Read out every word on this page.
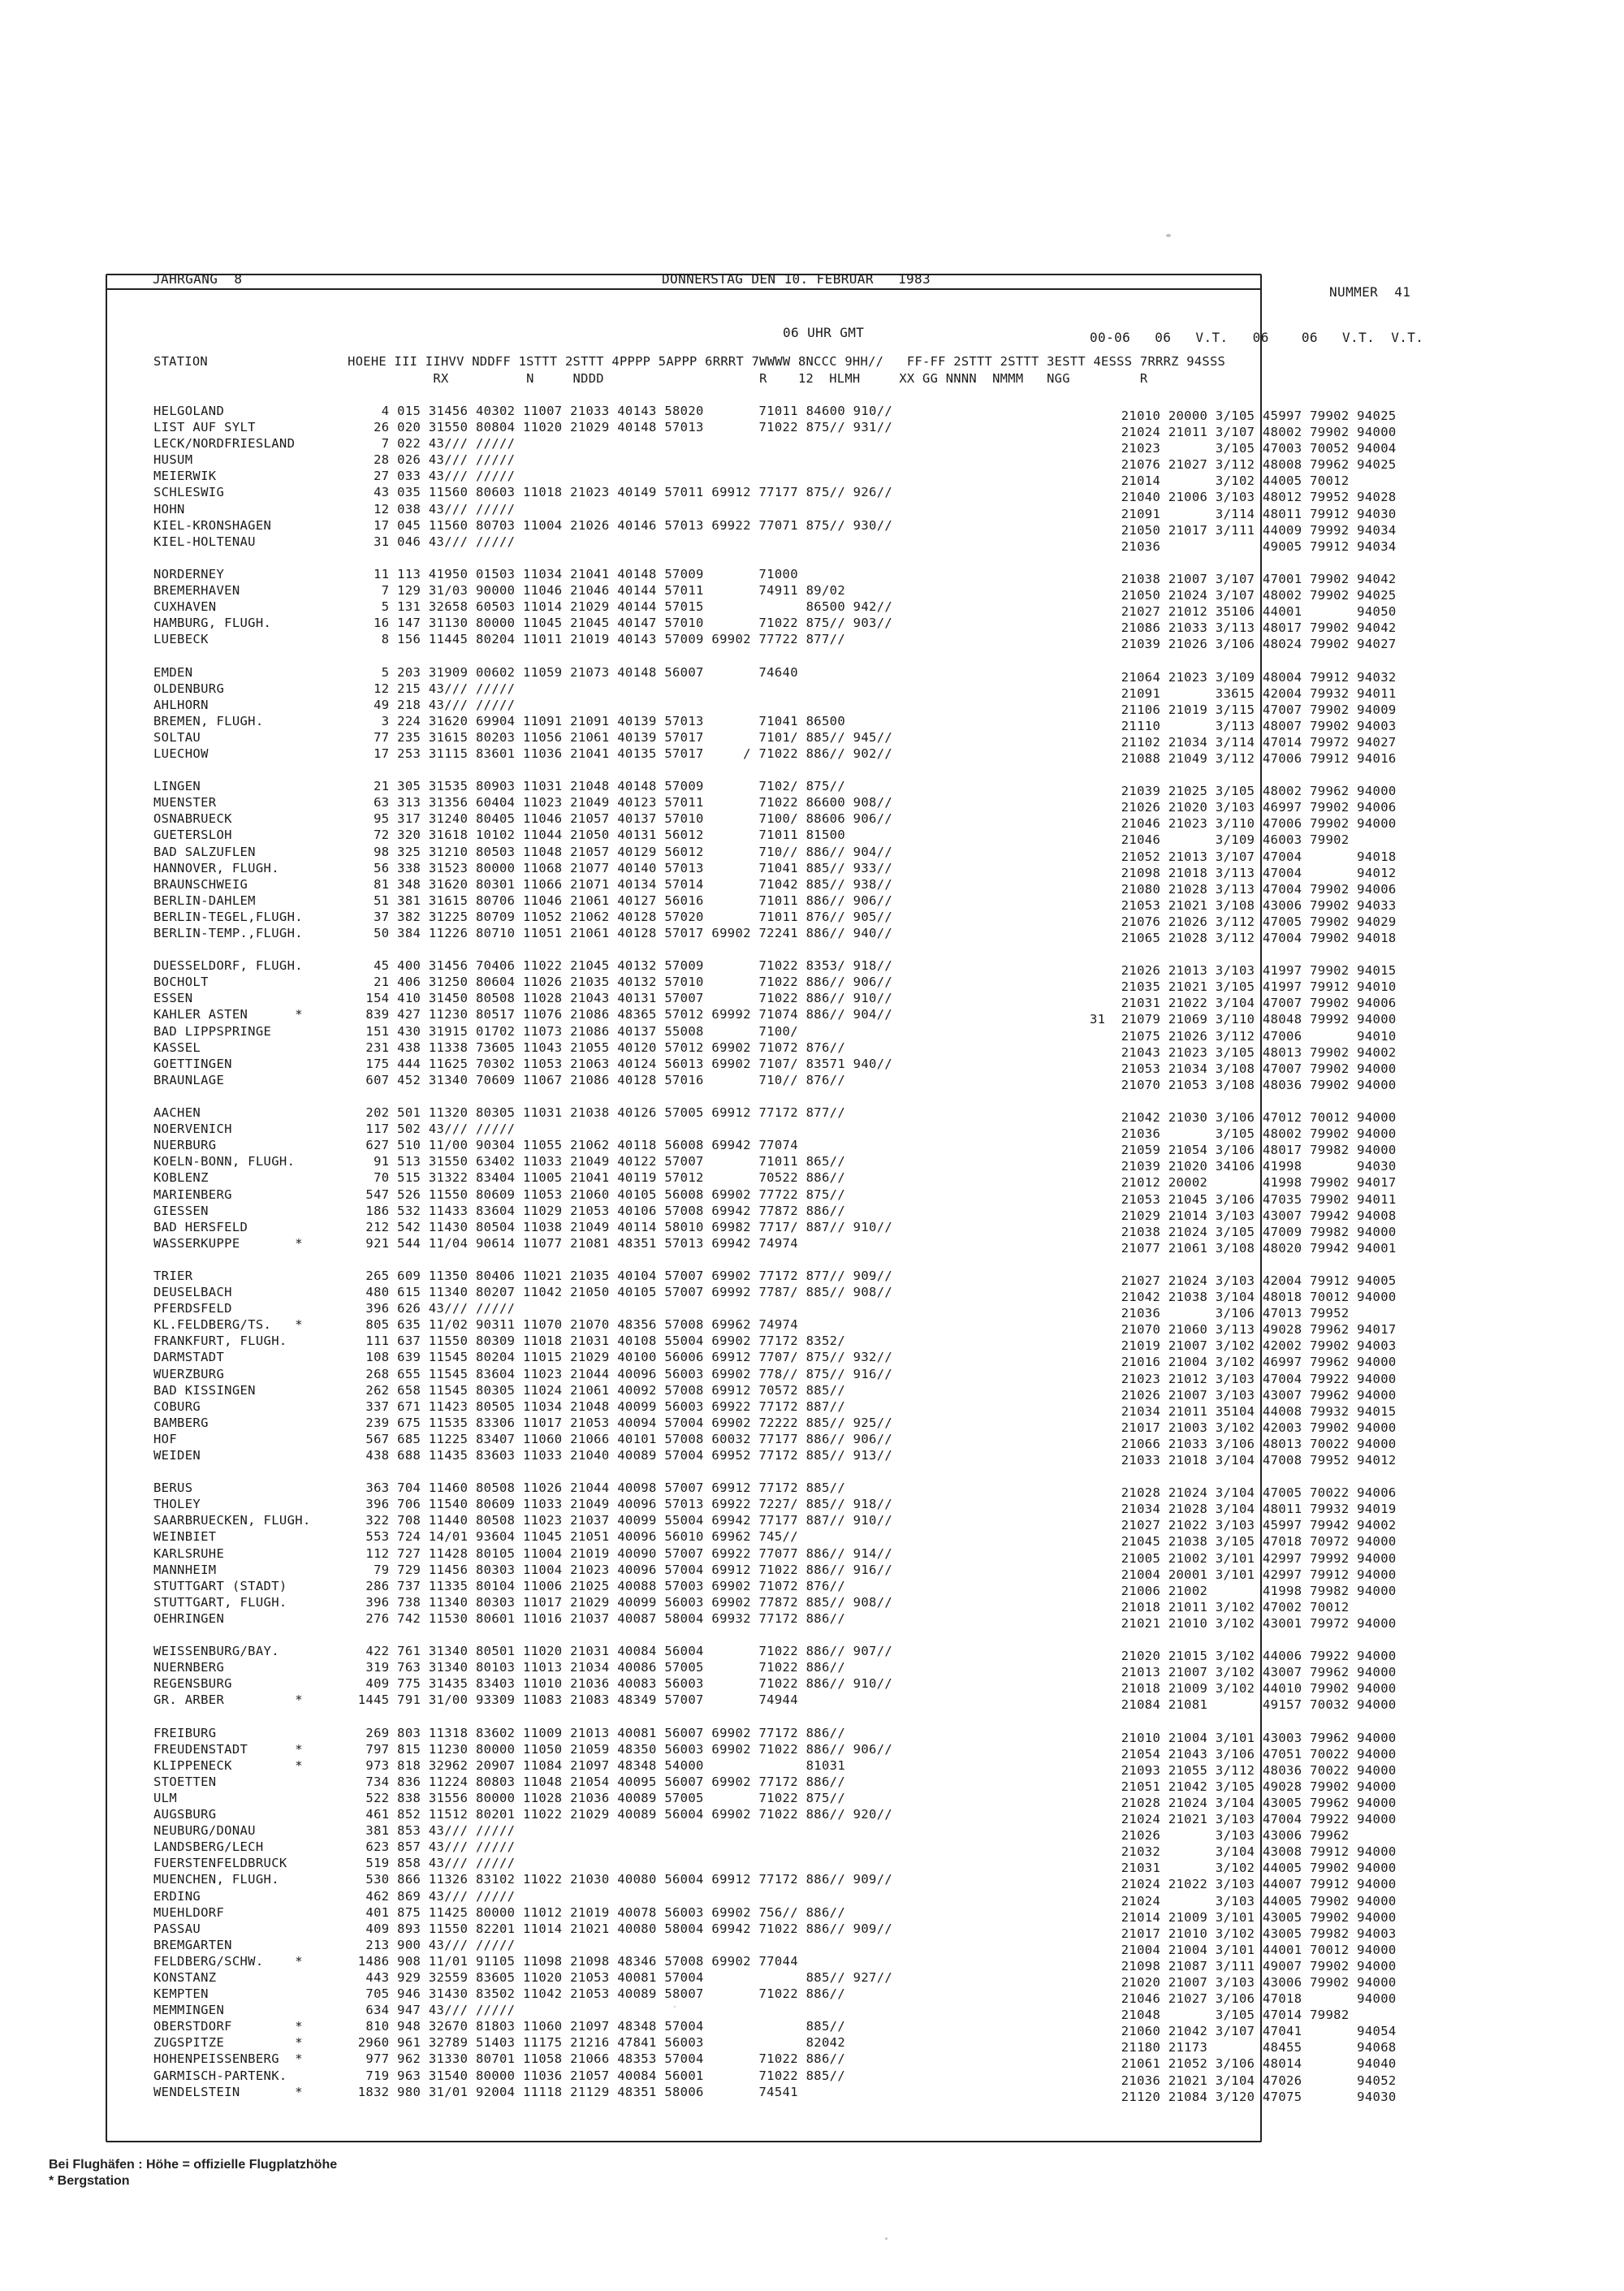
JAHRGANG  8	DONNERSTAG DEN 10. FEBRUAR   1983
NUMMER  41
06 UHR GMT	00-06   06   V.T.   06    06   V.T.  V.T.
STATION                  HOEHE III IIHVV NDDFF 1STTT 2STTT 4PPPP 5APPP 6RRRT 7WWWW 8NCCC 9HH//   FF-FF 2STTT 2STTT 3ESTT 4ESSS 7RRRZ 94SSS
RX          N     NDDD                    R    12  HLMH     XX GG NNNN  NMMM   NGG         R
HELGOLAND                    4 015 31456 40302 11007 21033 40143 58020       71011 84600 910//
LIST AUF SYLT               26 020 31550 80804 11020 21029 40148 57013       71022 875// 931//
LECK/NORDFRIESLAND           7 022 43/// /////
HUSUM                       28 026 43/// /////
MEIERWIK                    27 033 43/// /////
SCHLESWIG                   43 035 11560 80603 11018 21023 40149 57011 69912 77177 875// 926//
HOHN                        12 038 43/// /////
KIEL-KRONSHAGEN             17 045 11560 80703 11004 21026 40146 57013 69922 77071 875// 930//
KIEL-HOLTENAU               31 046 43/// /////
NORDERNEY                   11 113 41950 01503 11034 21041 40148 57009       71000
BREMERHAVEN                  7 129 31/03 90000 11046 21046 40144 57011       74911 89/02
CUXHAVEN                     5 131 32658 60503 11014 21029 40144 57015             86500 942//
HAMBURG, FLUGH.             16 147 31130 80000 11045 21045 40147 57010       71022 875// 903//
LUEBECK                      8 156 11445 80204 11011 21019 40143 57009 69902 77722 877//
EMDEN                        5 203 31909 00602 11059 21073 40148 56007       74640
OLDENBURG                   12 215 43/// /////
AHLHORN                     49 218 43/// /////
BREMEN, FLUGH.               3 224 31620 69904 11091 21091 40139 57013       71041 86500
SOLTAU                      77 235 31615 80203 11056 21061 40139 57017       7101/ 885// 945//
LUECHOW                     17 253 31115 83601 11036 21041 40135 57017     / 71022 886// 902//
LINGEN                      21 305 31535 80903 11031 21048 40148 57009       7102/ 875//
MUENSTER                    63 313 31356 60404 11023 21049 40123 57011       71022 86600 908//
OSNABRUECK                  95 317 31240 80405 11046 21057 40137 57010       7100/ 88606 906//
GUETERSLOH                  72 320 31618 10102 11044 21050 40131 56012       71011 81500
BAD SALZUFLEN               98 325 31210 80503 11048 21057 40129 56012       710// 886// 904//
HANNOVER, FLUGH.            56 338 31523 80000 11068 21077 40140 57013       71041 885// 933//
BRAUNSCHWEIG                81 348 31620 80301 11066 21071 40134 57014       71042 885// 938//
BERLIN-DAHLEM               51 381 31615 80706 11046 21061 40127 56016       71011 886// 906//
BERLIN-TEGEL,FLUGH.         37 382 31225 80709 11052 21062 40128 57020       71011 876// 905//
BERLIN-TEMP.,FLUGH.         50 384 11226 80710 11051 21061 40128 57017 69902 72241 886// 940//
DUESSELDORF, FLUGH.         45 400 31456 70406 11022 21045 40132 57009       71022 8353/ 918//
BOCHOLT                     21 406 31250 80604 11026 21035 40132 57010       71022 886// 906//
ESSEN                      154 410 31450 80508 11028 21043 40131 57007       71022 886// 910//
KAHLER ASTEN      *        839 427 11230 80517 11076 21086 48365 57012 69992 71074 886// 904//
BAD LIPPSPRINGE            151 430 31915 01702 11073 21086 40137 55008       7100/
KASSEL                     231 438 11338 73605 11043 21055 40120 57012 69902 71072 876//
GOETTINGEN                 175 444 11625 70302 11053 21063 40124 56013 69902 7107/ 83571 940//
BRAUNLAGE                  607 452 31340 70609 11067 21086 40128 57016       710// 876//
AACHEN                     202 501 11320 80305 11031 21038 40126 57005 69912 77172 877//
NOERVENICH                 117 502 43/// /////
NUERBURG                   627 510 11/00 90304 11055 21062 40118 56008 69942 77074
KOELN-BONN, FLUGH.          91 513 31550 63402 11033 21049 40122 57007       71011 865//
KOBLENZ                     70 515 31322 83404 11005 21041 40119 57012       70522 886//
MARIENBERG                 547 526 11550 80609 11053 21060 40105 56008 69902 77722 875//
GIESSEN                    186 532 11433 83604 11029 21053 40106 57008 69942 77872 886//
BAD HERSFELD               212 542 11430 80504 11038 21049 40114 58010 69982 7717/ 887// 910//
WASSERKUPPE       *        921 544 11/04 90614 11077 21081 48351 57013 69942 74974
TRIER                      265 609 11350 80406 11021 21035 40104 57007 69902 77172 877// 909//
DEUSELBACH                 480 615 11340 80207 11042 21050 40105 57007 69992 7787/ 885// 908//
PFERDSFELD                 396 626 43/// /////
KL.FELDBERG/TS.   *        805 635 11/02 90311 11070 21070 48356 57008 69962 74974
FRANKFURT, FLUGH.          111 637 11550 80309 11018 21031 40108 55004 69902 77172 8352/
DARMSTADT                  108 639 11545 80204 11015 21029 40100 56006 69912 7707/ 875// 932//
WUERZBURG                  268 655 11545 83604 11023 21044 40096 56003 69902 778// 875// 916//
BAD KISSINGEN              262 658 11545 80305 11024 21061 40092 57008 69912 70572 885//
COBURG                     337 671 11423 80505 11034 21048 40099 56003 69922 77172 887//
BAMBERG                    239 675 11535 83306 11017 21053 40094 57004 69902 72222 885// 925//
HOF                        567 685 11225 83407 11060 21066 40101 57008 60032 77177 886// 906//
WEIDEN                     438 688 11435 83603 11033 21040 40089 57004 69952 77172 885// 913//
BERUS                      363 704 11460 80508 11026 21044 40098 57007 69912 77172 885//
THOLEY                     396 706 11540 80609 11033 21049 40096 57013 69922 7227/ 885// 918//
SAARBRUECKEN, FLUGH.       322 708 11440 80508 11023 21037 40099 55004 69942 77177 887// 910//
WEINBIET                   553 724 14/01 93604 11045 21051 40096 56010 69962 745//
KARLSRUHE                  112 727 11428 80105 11004 21019 40090 57007 69922 77077 886// 914//
MANNHEIM                    79 729 11456 80303 11004 21023 40096 57004 69912 71022 886// 916//
STUTTGART (STADT)          286 737 11335 80104 11006 21025 40088 57003 69902 71072 876//
STUTTGART, FLUGH.          396 738 11340 80303 11017 21029 40099 56003 69902 77872 885// 908//
OEHRINGEN                  276 742 11530 80601 11016 21037 40087 58004 69932 77172 886//
WEISSENBURG/BAY.           422 761 31340 80501 11020 21031 40084 56004       71022 886// 907//
NUERNBERG                  319 763 31340 80103 11013 21034 40086 57005       71022 886//
REGENSBURG                 409 775 31435 83403 11010 21036 40083 56003       71022 886// 910//
GR. ARBER         *       1445 791 31/00 93309 11083 21083 48349 57007       74944
FREIBURG                   269 803 11318 83602 11009 21013 40081 56007 69902 77172 886//
FREUDENSTADT      *        797 815 11230 80000 11050 21059 48350 56003 69902 71022 886// 906//
KLIPPENECK        *        973 818 32962 20907 11084 21097 48348 54000             81031
STOETTEN                   734 836 11224 80803 11048 21054 40095 56007 69902 77172 886//
ULM                        522 838 31556 80000 11028 21036 40089 57005       71022 875//
AUGSBURG                   461 852 11512 80201 11022 21029 40089 56004 69902 71022 886// 920//
NEUBURG/DONAU              381 853 43/// /////
LANDSBERG/LECH             623 857 43/// /////
FUERSTENFELDBRUCK          519 858 43/// /////
MUENCHEN, FLUGH.           530 866 11326 83102 11022 21030 40080 56004 69912 77172 886// 909//
ERDING                     462 869 43/// /////
MUEHLDORF                  401 875 11425 80000 11012 21019 40078 56003 69902 756// 886//
PASSAU                     409 893 11550 82201 11014 21021 40080 58004 69942 71022 886// 909//
BREMGARTEN                 213 900 43/// /////
FELDBERG/SCHW.    *       1486 908 11/01 91105 11098 21098 48346 57008 69902 77044
KONSTANZ                   443 929 32559 83605 11020 21053 40081 57004             885// 927//
KEMPTEN                    705 946 31430 83502 11042 21053 40089 58007       71022 886//
MEMMINGEN                  634 947 43/// /////
OBERSTDORF        *        810 948 32670 81803 11060 21097 48348 57004             885//
ZUGSPITZE         *       2960 961 32789 51403 11175 21216 47841 56003             82042
HOHENPEISSENBERG  *        977 962 31330 80701 11058 21066 48353 57004       71022 886//
GARMISCH-PARTENK.          719 963 31540 80000 11036 21057 40084 56001       71022 885//
WENDELSTEIN       *       1832 980 31/01 92004 11118 21129 48351 58006       74541
21010 20000 3/105 45997 79902 94025
21024 21011 3/107 48002 79902 94000
21023       3/105 47003 70052 94004
21076 21027 3/112 48008 79962 94025
21014       3/102 44005 70012
21040 21006 3/103 48012 79952 94028
21091       3/114 48011 79912 94030
21050 21017 3/111 44009 79992 94034
21036             49005 79912 94034
21038 21007 3/107 47001 79902 94042
21050 21024 3/107 48002 79902 94025
21027 21012 35106 44001       94050
21086 21033 3/113 48017 79902 94042
21039 21026 3/106 48024 79902 94027
21064 21023 3/109 48004 79912 94032
21091       33615 42004 79932 94011
21106 21019 3/115 47007 79902 94009
21110       3/113 48007 79902 94003
21102 21034 3/114 47014 79972 94027
21088 21049 3/112 47006 79912 94016
21039 21025 3/105 48002 79962 94000
21026 21020 3/103 46997 79902 94006
21046 21023 3/110 47006 79902 94000
21046       3/109 46003 79902
21052 21013 3/107 47004       94018
21098 21018 3/113 47004       94012
21080 21028 3/113 47004 79902 94006
21053 21021 3/108 43006 79902 94033
21076 21026 3/112 47005 79902 94029
21065 21028 3/112 47004 79902 94018
21026 21013 3/103 41997 79902 94015
21035 21021 3/105 41997 79912 94010
21031 21022 3/104 47007 79902 94006
31  21079 21069 3/110 48048 79992 94000
21075 21026 3/112 47006       94010
21043 21023 3/105 48013 79902 94002
21053 21034 3/108 47007 79902 94000
21070 21053 3/108 48036 79902 94000
21042 21030 3/106 47012 70012 94000
21036       3/105 48002 79902 94000
21059 21054 3/106 48017 79982 94000
21039 21020 34106 41998       94030
21012 20002       41998 79902 94017
21053 21045 3/106 47035 79902 94011
21029 21014 3/103 43007 79942 94008
21038 21024 3/105 47009 79982 94000
21077 21061 3/108 48020 79942 94001
21027 21024 3/103 42004 79912 94005
21042 21038 3/104 48018 70012 94000
21036       3/106 47013 79952
21070 21060 3/113 49028 79962 94017
21019 21007 3/102 42002 79902 94003
21016 21004 3/102 46997 79962 94000
21023 21012 3/103 47004 79922 94000
21026 21007 3/103 43007 79962 94000
21034 21011 35104 44008 79932 94015
21017 21003 3/102 42003 79902 94000
21066 21033 3/106 48013 70022 94000
21033 21018 3/104 47008 79952 94012
21028 21024 3/104 47005 70022 94006
21034 21028 3/104 48011 79932 94019
21027 21022 3/103 45997 79942 94002
21045 21038 3/105 47018 70972 94000
21005 21002 3/101 42997 79992 94000
21004 20001 3/101 42997 79912 94000
21006 21002       41998 79982 94000
21018 21011 3/102 47002 70012
21021 21010 3/102 43001 79972 94000
21020 21015 3/102 44006 79922 94000
21013 21007 3/102 43007 79962 94000
21018 21009 3/102 44010 79902 94000
21084 21081       49157 70032 94000
21010 21004 3/101 43003 79962 94000
21054 21043 3/106 47051 70022 94000
21093 21055 3/112 48036 70022 94000
21051 21042 3/105 49028 79902 94000
21028 21024 3/104 43005 79962 94000
21024 21021 3/103 47004 79922 94000
21026       3/103 43006 79962
21032       3/104 43008 79912 94000
21031       3/102 44005 79902 94000
21024 21022 3/103 44007 79912 94000
21024       3/103 44005 79902 94000
21014 21009 3/101 43005 79902 94000
21017 21010 3/102 43005 79982 94003
21004 21004 3/101 44001 70012 94000
21098 21087 3/111 49007 79902 94000
21020 21007 3/103 43006 79902 94000
21046 21027 3/106 47018       94000
21048       3/105 47014 79982
21060 21042 3/107 47041       94054
21180 21173       48455       94068
21061 21052 3/106 48014       94040
21036 21021 3/104 47026       94052
21120 21084 3/120 47075       94030
Bei Flughäfen : Höhe = offizielle Flugplatzhöhe
* Bergstation
